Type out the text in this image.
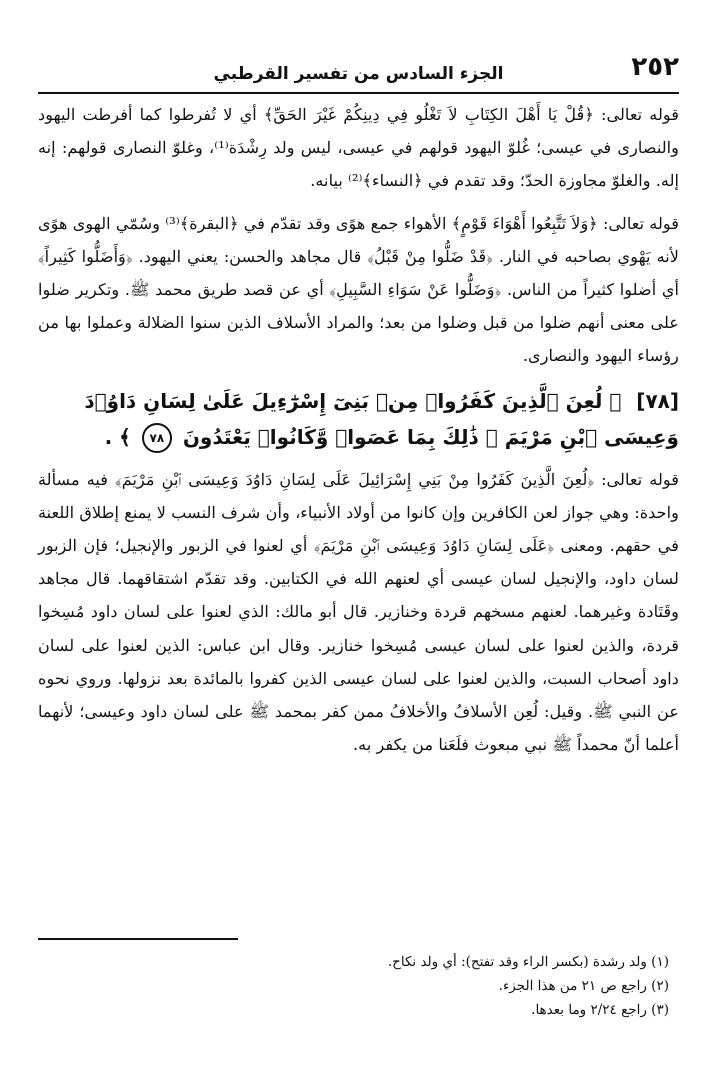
٢٥٢
الجزء السادس من تفسير القرطبي

قوله تعالى: ﴿قُلْ يَا أَهْلَ الكِتَابِ لاَ تَغْلُو فِي دِينِكُمْ غَيْرَ الحَقِّ﴾ أي لا تُفرطوا كما أفرطت اليهود والنصارى في عيسى؛ غُلوّ اليهود قولهم في عيسى، ليس ولد رِشْدَة⁽¹⁾، وغلوّ النصارى قولهم: إنه إله. والغلوّ مجاوزة الحدّ؛ وقد تقدم في ﴿النساء﴾⁽²⁾ بيانه.

قوله تعالى: ﴿وَلاَ تَتَّبِعُوا أَهْوَاءَ قَوْمٍ﴾ الأهواء جمع هوًى وقد تقدّم في ﴿البقرة﴾⁽³⁾ وسُمّي الهوى هوًى لأنه يَهْوي بصاحبه في النار. ﴿قَدْ ضَلُّوا مِنْ قَبْلُ﴾ قال مجاهد والحسن: يعني اليهود. ﴿وَأَضَلُّوا كَثِيراً﴾ أي أضلوا كثيراً من الناس. ﴿وَضَلُّوا عَنْ سَوَاءِ السَّبِيلِ﴾ أي عن قصد طريق محمد ﷺ. وتكرير ضلوا على معنى أنهم ضلوا من قبل وضلوا من بعد؛ والمراد الأسلاف الذين سنوا الضلالة وعملوا بها من رؤساء اليهود والنصارى.

[٧٨] ﴿ لُعِنَ ٱلَّذِينَ كَفَرُوا۟ مِنۢ بَنِىٓ إِسْرَٰٓءِيلَ عَلَىٰ لِسَانِ دَاوُۥدَ وَعِيسَى ٱبْنِ مَرْيَمَ ۚ ذَٰلِكَ بِمَا عَصَوا۟ وَّكَانُوا۟ يَعْتَدُونَ ٧٨ ﴾ .

قوله تعالى: ﴿لُعِنَ الَّذِينَ كَفَرُوا مِنْ بَنِي إِسْرَائِيلَ عَلَى لِسَانِ دَاوُدَ وَعِيسَى ٱبْنِ مَرْيَمَ﴾ فيه مسألة واحدة: وهي جواز لعن الكافرين وإن كانوا من أولاد الأنبياء، وأن شرف النسب لا يمنع إطلاق اللعنة في حقهم. ومعنى ﴿عَلَى لِسَانِ دَاوُدَ وَعِيسَى ٱبْنِ مَرْيَمَ﴾ أي لعنوا في الزبور والإنجيل؛ فإن الزبور لسان داود، والإنجيل لسان عيسى أي لعنهم الله في الكتابين. وقد تقدّم اشتقاقهما. قال مجاهد وقَتَادة وغيرهما. لعنهم مسخهم قردة وخنازير. قال أبو مالك: الذي لعنوا على لسان داود مُسِخوا قردة، والذين لعنوا على لسان عيسى مُسِخوا خنازير. وقال ابن عباس: الذين لعنوا على لسان داود أصحاب السبت، والذين لعنوا على لسان عيسى الذين كفروا بالمائدة بعد نزولها. وروي نحوه عن النبي ﷺ. وقيل: لُعِن الأسلافُ والأخلافُ ممن كفر بمحمد ﷺ على لسان داود وعيسى؛ لأنهما أعلما أنّ محمداً ﷺ نبي مبعوث فلَعَنا من يكفر به.

(١) ولد رشدة (بكسر الراء وقد تفتح): أي ولد نكاح.

(٢) راجع ص ٢١ من هذا الجزء.

(٣) راجع ٢/٢٤ وما بعدها.
